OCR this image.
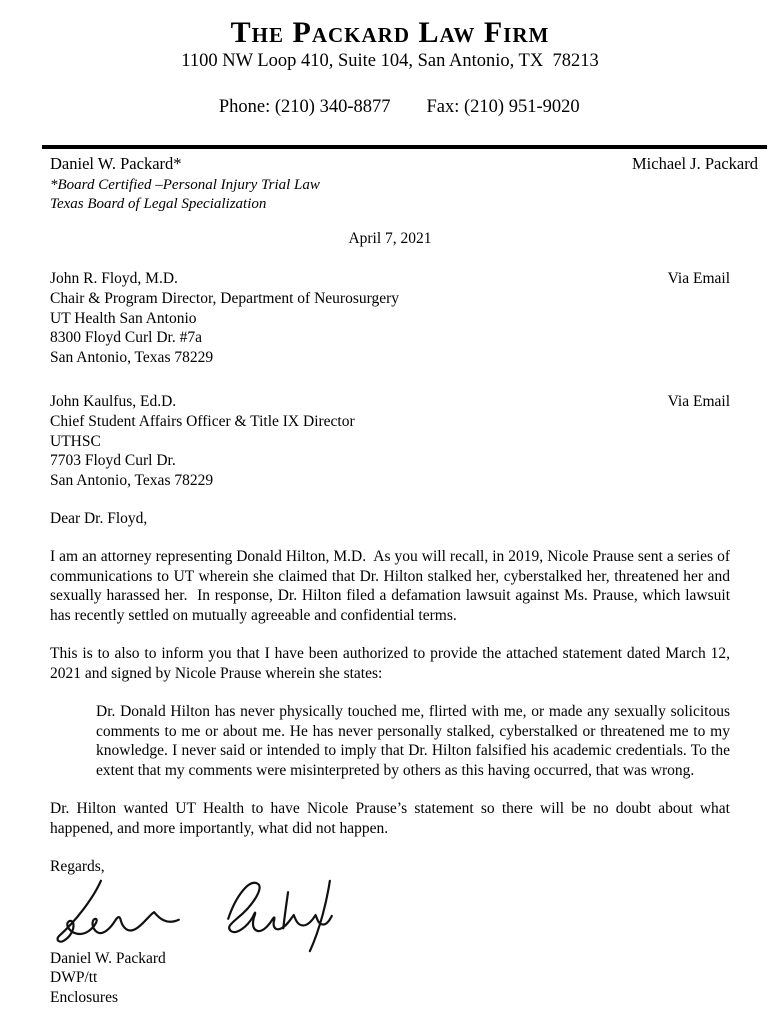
The Packard Law Firm
1100 NW Loop 410, Suite 104, San Antonio, TX  78213

Phone: (210) 340-8877 Fax: (210) 951-9020

Daniel W. Packard*	Michael J. Packard
*Board Certified –Personal Injury Trial Law
Texas Board of Legal Specialization
April 7, 2021
John R. Floyd, M.D.	Via Email
Chair & Program Director, Department of Neurosurgery
UT Health San Antonio
8300 Floyd Curl Dr. #7a
San Antonio, Texas 78229
John Kaulfus, Ed.D.	Via Email
Chief Student Affairs Officer & Title IX Director
UTHSC
7703 Floyd Curl Dr.
San Antonio, Texas 78229
Dear Dr. Floyd,
I am an attorney representing Donald Hilton, M.D.  As you will recall, in 2019, Nicole Prause sent a series of communications to UT wherein she claimed that Dr. Hilton stalked her, cyberstalked her, threatened her and sexually harassed her.  In response, Dr. Hilton filed a defamation lawsuit against Ms. Prause, which lawsuit has recently settled on mutually agreeable and confidential terms.
This is to also to inform you that I have been authorized to provide the attached statement dated March 12, 2021 and signed by Nicole Prause wherein she states:
Dr. Donald Hilton has never physically touched me, flirted with me, or made any sexually solicitous comments to me or about me. He has never personally stalked, cyberstalked or threatened me to my knowledge. I never said or intended to imply that Dr. Hilton falsified his academic credentials. To the extent that my comments were misinterpreted by others as this having occurred, that was wrong.
Dr. Hilton wanted UT Health to have Nicole Prause’s statement so there will be no doubt about what happened, and more importantly, what did not happen.
Regards,
Daniel W. Packard
DWP/tt
Enclosures
